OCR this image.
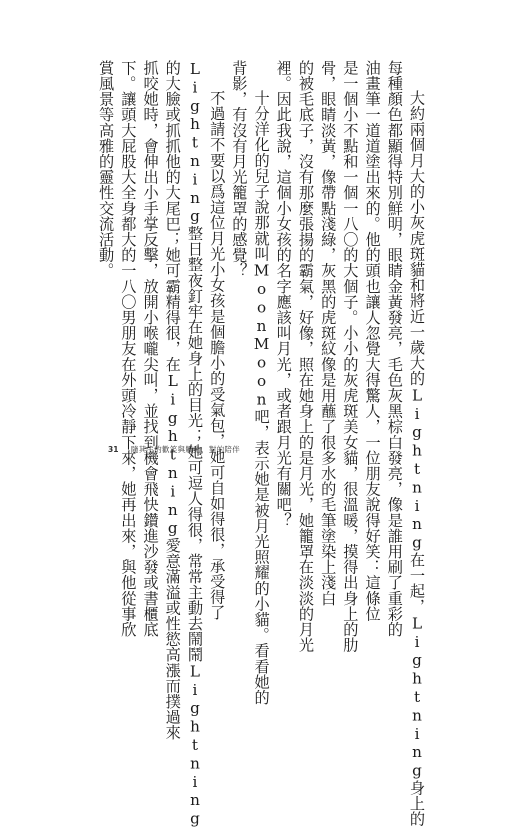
大約兩個月大的小灰虎斑貓和將近一歲大的Lightning在一起，Lightning身上的
每種顏色都顯得特別鮮明，眼睛金黃發亮，毛色灰黑棕白發亮，像是誰用刷了重彩的
油畫筆一道道塗出來的。他的頭也讓人忽覺大得驚人，一位朋友說得好笑：這條位
是一個小不點和一個一八〇的大個子。小小的灰虎斑美女貓，很溫暖，摸得出身上的肋
骨，眼睛淡黃，像帶點淺綠，灰黑的虎斑紋像是用蘸了很多水的毛筆塗染上淺白
的被毛底子，沒有那麼張揚的霸氣，好像，照在她身上的是月光，她籠罩在淡淡的月光
裡。因此我說，這個小女孩的名字應該叫月光，或者跟月光有關吧？
十分洋化的兒子說那就叫MoonMoon吧，表示她是被月光照耀的小貓。看看她的
背影，有沒有月光籠罩的感覺？
不過請不要以爲這位月光小女孩是個膽小的受氣包，她可自如得很，承受得了
Lightning整日整夜釘牢在她身上的目光；她可逗人得很，常常主動去鬧鬧Lightning
的大臉或抓抓他的大尾巴；她可霸精得很，在Lightning愛意滿溢或性慾高漲而撲過來
抓咬她時，會伸出小手掌反擊，放開小喉嚨尖叫，並找到機會飛快鑽進沙發或書櫃底
下。讓頭大屁股大全身都大的一八〇男朋友在外頭冷靜下來，她再出來，與他從事欣
賞風景等高雅的靈性交流活動。
31 隨其生的歡笑與觸動，對的陪伴
